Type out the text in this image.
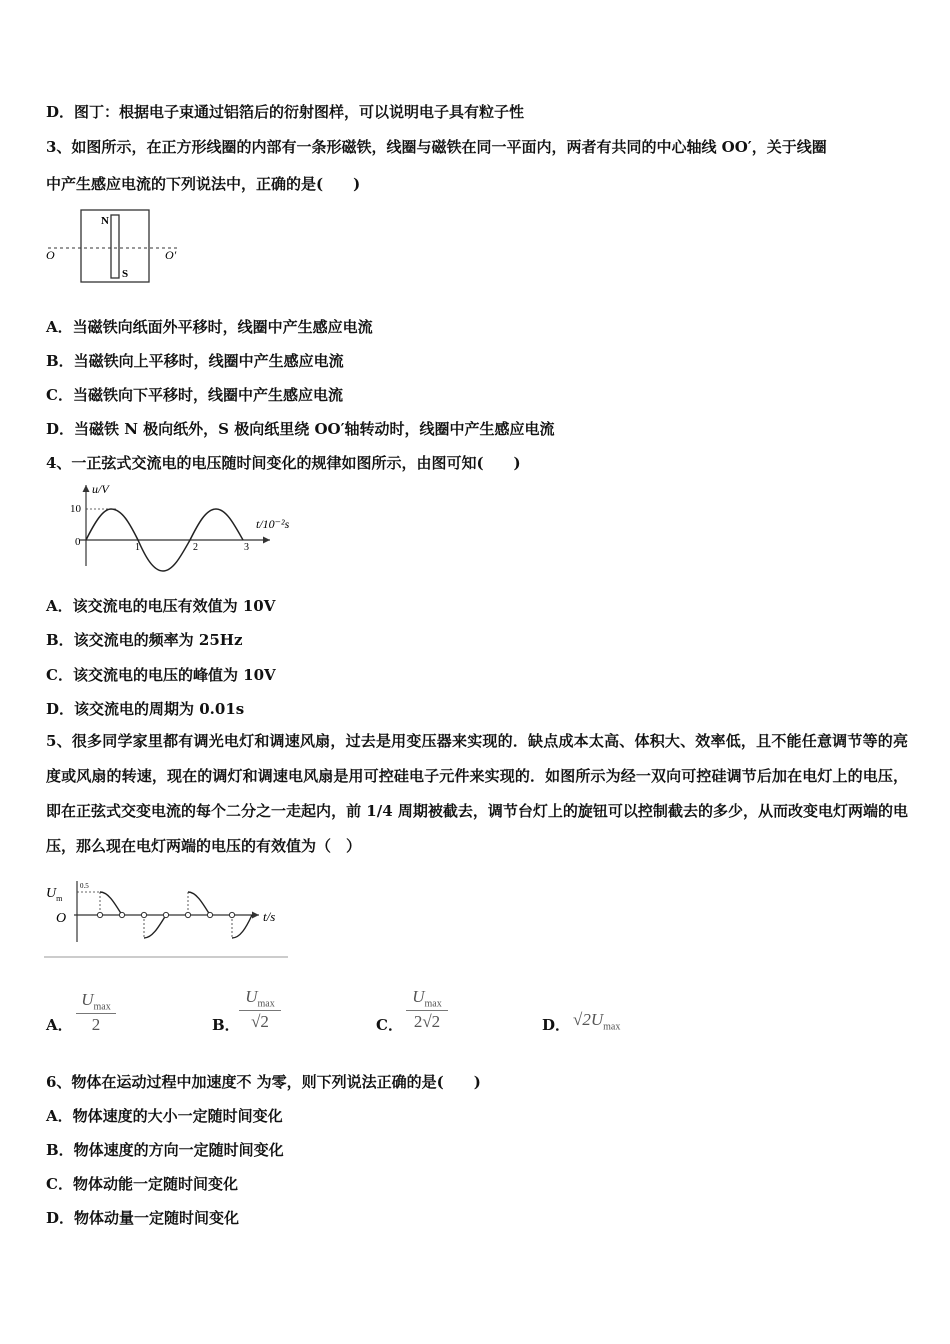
D．图丁：根据电子束通过铝箔后的衍射图样，可以说明电子具有粒子性
3、如图所示，在正方形线圈的内部有一条形磁铁，线圈与磁铁在同一平面内，两者有共同的中心轴线 OO′，关于线圈
中产生感应电流的下列说法中，正确的是(　　)
N
S
O	O′
A．当磁铁向纸面外平移时，线圈中产生感应电流
B．当磁铁向上平移时，线圈中产生感应电流
C．当磁铁向下平移时，线圈中产生感应电流
D．当磁铁 N 极向纸外，S 极向纸里绕 OO′轴转动时，线圈中产生感应电流
4、一正弦式交流电的电压随时间变化的规律如图所示，由图可知(　　)
u/V
t/10⁻²s
10
0	1	2	3
A．该交流电的电压有效值为 10V
B．该交流电的频率为 25Hz
C．该交流电的电压的峰值为 10V
D．该交流电的周期为 0.01s
5、很多同学家里都有调光电灯和调速风扇，过去是用变压器来实现的．缺点成本太高、体积大、效率低，且不能任意调节等的亮度或风扇的转速，现在的调灯和调速电风扇是用可控硅电子元件来实现的．如图所示为经一双向可控硅调节后加在电灯上的电压，即在正弦式交变电流的每个二分之一走起内，前 1/4 周期被截去，调节台灯上的旋钮可以控制截去的多少，从而改变电灯两端的电压，那么现在电灯两端的电压的有效值为（　）
$U_m$
0.5
O	t/s
A．
$U_{max}$
2	B．
$U_{max}$
√2	C．
$U_{max}$
2√2	D． $√2U_{max}$
6、物体在运动过程中加速度不 为零，则下列说法正确的是(　　)
A．物体速度的大小一定随时间变化
B．物体速度的方向一定随时间变化
C．物体动能一定随时间变化
D．物体动量一定随时间变化
